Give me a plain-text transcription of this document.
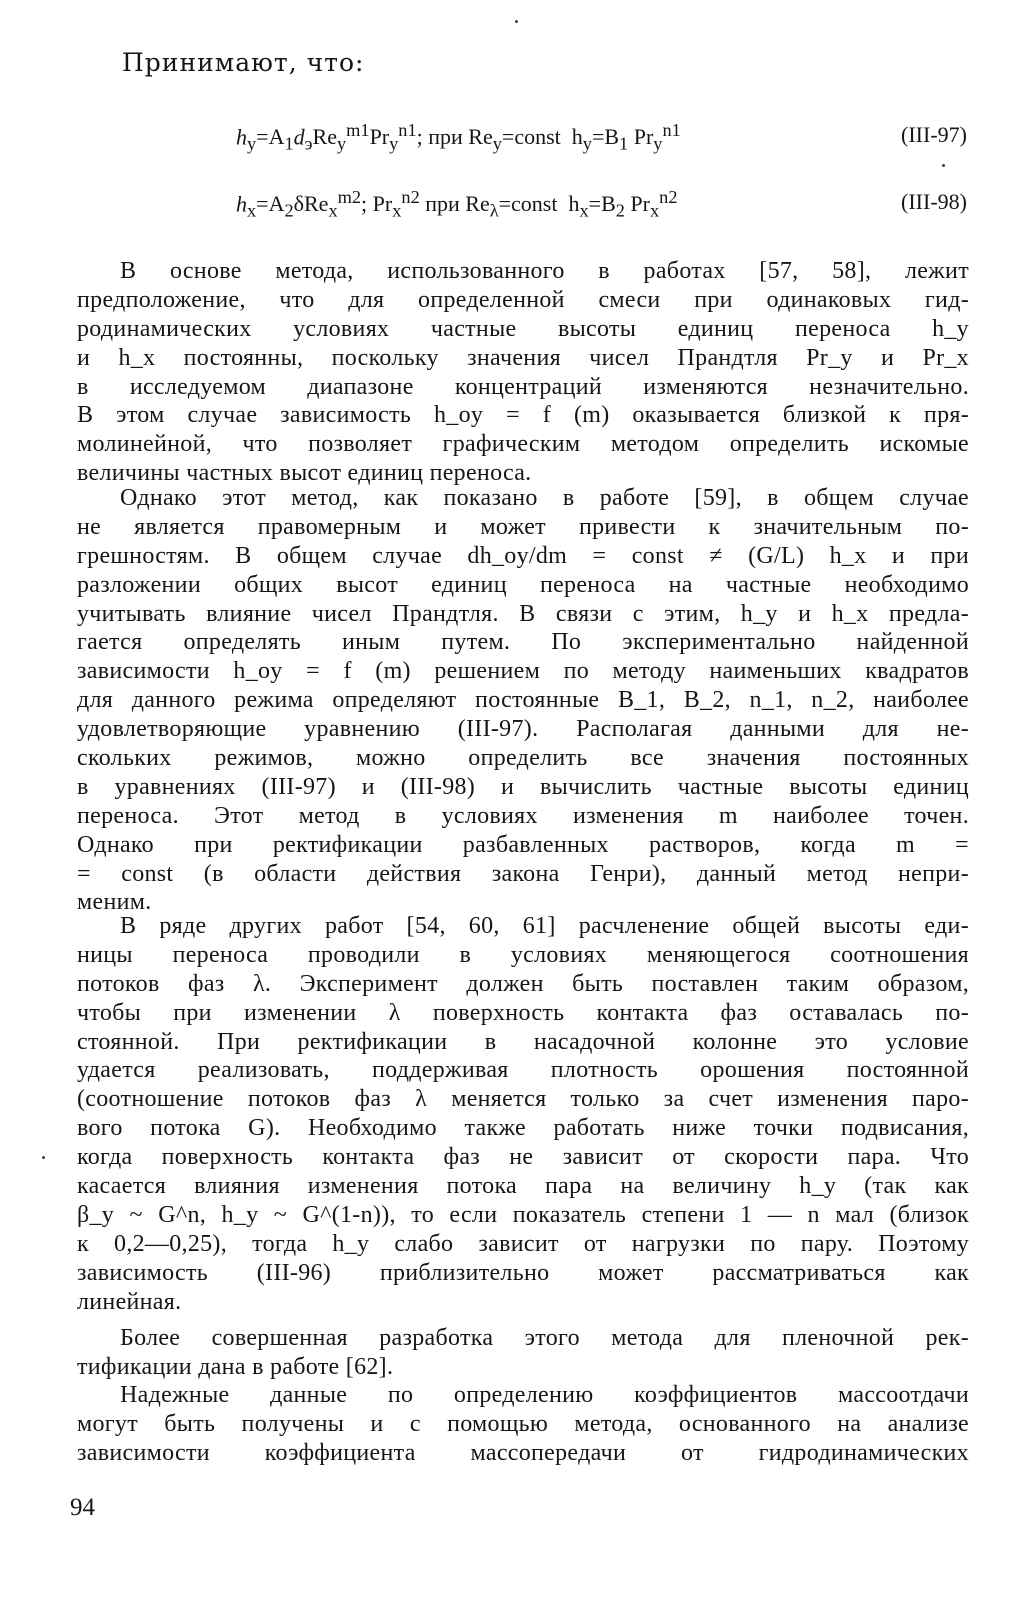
Принимают, что:
$h_y=A_1d_эRe_y^{m1}Pr_y^{n1}$; при $Re_y=const$  $h_y=B_1$ $Pr_y^{n1}$	(III-97)
$h_x=A_2\delta Re_x^{m2}$; $Pr_x^{n2}$ при $Re_\lambda=const$  $h_x=B_2$ $Pr_x^{n2}$	(III-98)
В основе метода, использованного в работах [57, 58], лежит
предположение, что для определенной смеси при одинаковых гид-
родинамических условиях частные высоты единиц переноса h_y
и h_x постоянны, поскольку значения чисел Прандтля Pr_y и Pr_x
в исследуемом диапазоне концентраций изменяются незначительно.
В этом случае зависимость h_oy = f (m) оказывается близкой к пря-
молинейной, что позволяет графическим методом определить искомые
величины частных высот единиц переноса.
Однако этот метод, как показано в работе [59], в общем случае
не является правомерным и может привести к значительным по-
грешностям. В общем случае dh_oy/dm = const ≠ (G/L) h_x и при
разложении общих высот единиц переноса на частные необходимо
учитывать влияние чисел Прандтля. В связи с этим, h_y и h_x предла-
гается определять иным путем. По экспериментально найденной
зависимости h_oy = f (m) решением по методу наименьших квадратов
для данного режима определяют постоянные B_1, B_2, n_1, n_2, наиболее
удовлетворяющие уравнению (III-97). Располагая данными для не-
скольких режимов, можно определить все значения постоянных
в уравнениях (III-97) и (III-98) и вычислить частные высоты единиц
переноса. Этот метод в условиях изменения m наиболее точен.
Однако при ректификации разбавленных растворов, когда m =
= const (в области действия закона Генри), данный метод непри-
меним.
В ряде других работ [54, 60, 61] расчленение общей высоты еди-
ницы переноса проводили в условиях меняющегося соотношения
потоков фаз λ. Эксперимент должен быть поставлен таким образом,
чтобы при изменении λ поверхность контакта фаз оставалась по-
стоянной. При ректификации в насадочной колонне это условие
удается реализовать, поддерживая плотность орошения постоянной
(соотношение потоков фаз λ меняется только за счет изменения паро-
вого потока G). Необходимо также работать ниже точки подвисания,
когда поверхность контакта фаз не зависит от скорости пара. Что
касается влияния изменения потока пара на величину h_y (так как
β_y ~ G^n, h_y ~ G^(1-n)), то если показатель степени 1 — n мал (близок
к 0,2—0,25), тогда h_y слабо зависит от нагрузки по пару. Поэтому
зависимость (III-96) приблизительно может рассматриваться как
линейная.
Более совершенная разработка этого метода для пленочной рек-
тификации дана в работе [62].
Надежные данные по определению коэффициентов массоотдачи
могут быть получены и с помощью метода, основанного на анализе
зависимости коэффициента массопередачи от гидродинамических
94
